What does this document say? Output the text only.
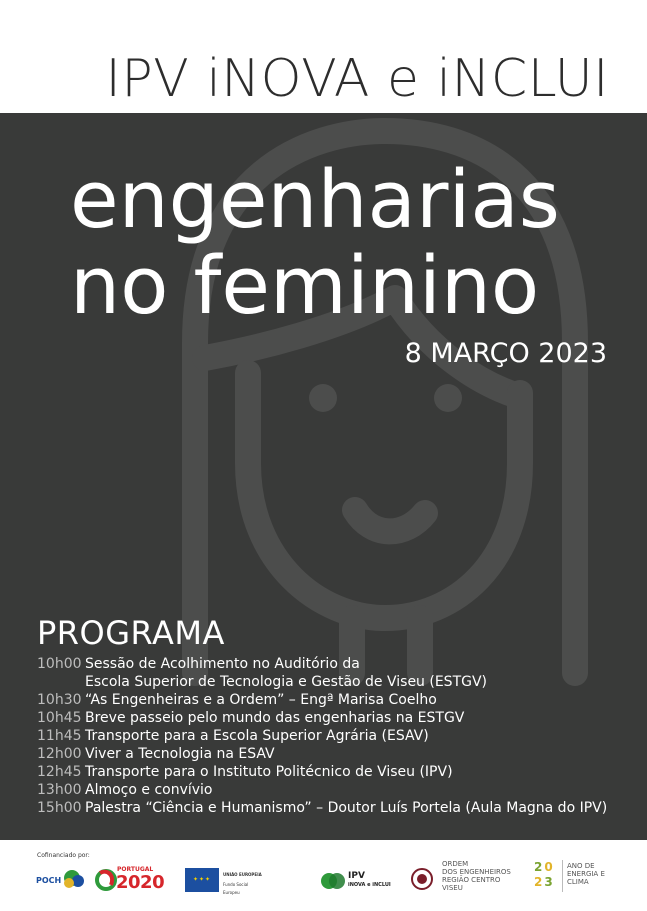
IPV iNOVA e iNCLUI
engenharias
no feminino
8 MARÇO 2023
PROGRAMA
10h00 Sessão de Acolhimento no Auditório da
Escola Superior de Tecnologia e Gestão de Viseu (ESTGV)
10h30 “As Engenheiras e a Ordem” – Engª Marisa Coelho
10h45 Breve passeio pelo mundo das engenharias na ESTGV
11h45 Transporte para a Escola Superior Agrária (ESAV)
12h00 Viver a Tecnologia na ESAV
12h45 Transporte para o Instituto Politécnico de Viseu (IPV)
13h00 Almoço e convívio
15h00 Palestra “Ciência e Humanismo” – Doutor Luís Portela (Aula Magna do IPV)
Cofinanciado por:
POCH
PORTUGAL
2020	✦✦✦
UNIÃO EUROPEIA
Fundo Social Europeu
IPV
iNOVA e iNCLUI
ORDEM
DOS ENGENHEIROS
REGIÃO CENTRO
VISEU
2 0
2 3
ANO DE
ENERGIA E
CLIMA
